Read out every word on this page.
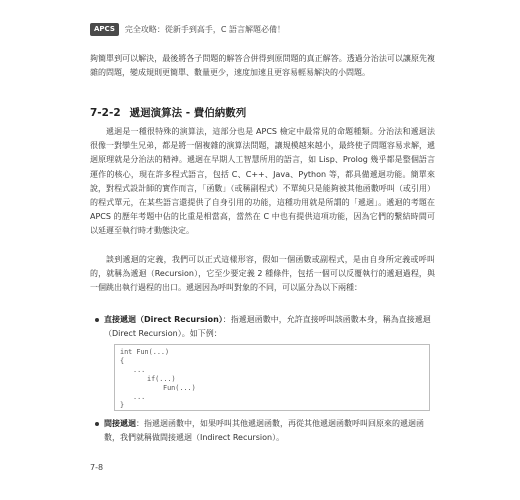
APCS	完全攻略：從新手到高手，C 語言解題必備！

夠簡單到可以解決，最後將各子問題的解答合併得到原問題的真正解答。透過分治法可以讓原先複雜的問題，變成規則更簡單、數量更少，速度加速且更容易輕易解決的小問題。

7-2-2 遞迴演算法 - 費伯納數列

遞迴是一種很特殊的演算法，這部分也是 APCS 檢定中最常見的命題種類。分治法和遞迴法很像一對孿生兄弟，都是將一個複雜的演算法問題，讓規模越來越小，最終使子問題容易求解，遞迴原理就是分治法的精神。遞迴在早期人工智慧所用的語言，如 Lisp、Prolog 幾乎都是整個語言運作的核心，現在許多程式語言，包括 C、C++、Java、Python 等，都具備遞迴功能。簡單來說，對程式設計師的實作而言，「函數」（或稱副程式）不單純只是能夠被其他函數呼叫（或引用）的程式單元，在某些語言還提供了自身引用的功能，這種功用就是所謂的「遞迴」。遞迴的考題在 APCS 的歷年考題中佔的比重是相當高，當然在 C 中也有提供這項功能，因為它們的繫結時間可以延遲至執行時才動態決定。

談到遞迴的定義，我們可以正式這樣形容，假如一個函數或副程式，是由自身所定義或呼叫的，就稱為遞迴（Recursion），它至少要定義 2 種條件，包括一個可以反覆執行的遞迴過程，與一個跳出執行過程的出口。遞迴因為呼叫對象的不同，可以區分為以下兩種：

直接遞迴（Direct Recursion）：指遞迴函數中，允許直接呼叫該函數本身，稱為直接遞迴（Direct Recursion）。如下例：

int Fun(...)
{
...
if(...)
Fun(...)
...
}

間接遞迴：指遞迴函數中，如果呼叫其他遞迴函數，再從其他遞迴函數呼叫回原來的遞迴函數，我們就稱做間接遞迴（Indirect Recursion）。

7-8
